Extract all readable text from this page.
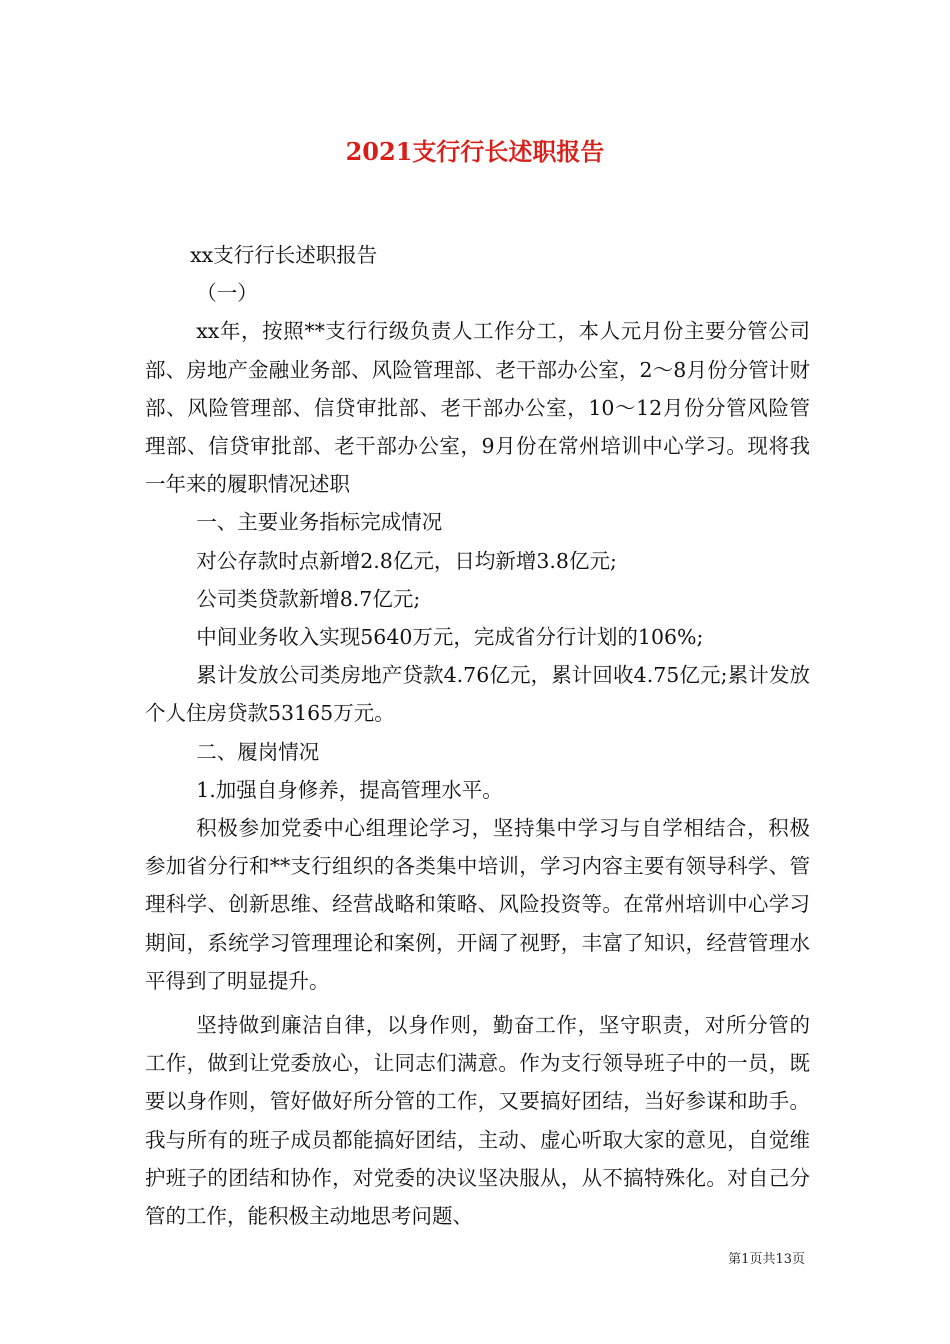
2021支行行长述职报告

xx支行行长述职报告

（一）

xx年，按照**支行行级负责人工作分工，本人元月份主要分管公司部、房地产金融业务部、风险管理部、老干部办公室，2～8月份分管计财部、风险管理部、信贷审批部、老干部办公室，10～12月份分管风险管理部、信贷审批部、老干部办公室，9月份在常州培训中心学习。现将我一年来的履职情况述职

一、主要业务指标完成情况

对公存款时点新增2.8亿元，日均新增3.8亿元;

公司类贷款新增8.7亿元;

中间业务收入实现5640万元，完成省分行计划的106%;

累计发放公司类房地产贷款4.76亿元，累计回收4.75亿元;累计发放个人住房贷款53165万元。

二、履岗情况

1.加强自身修养，提高管理水平。

积极参加党委中心组理论学习，坚持集中学习与自学相结合，积极参加省分行和**支行组织的各类集中培训，学习内容主要有领导科学、管理科学、创新思维、经营战略和策略、风险投资等。在常州培训中心学习期间，系统学习管理理论和案例，开阔了视野，丰富了知识，经营管理水平得到了明显提升。

坚持做到廉洁自律，以身作则，勤奋工作，坚守职责，对所分管的工作，做到让党委放心，让同志们满意。作为支行领导班子中的一员，既要以身作则，管好做好所分管的工作，又要搞好团结，当好参谋和助手。我与所有的班子成员都能搞好团结，主动、虚心听取大家的意见，自觉维护班子的团结和协作，对党委的决议坚决服从，从不搞特殊化。对自己分管的工作，能积极主动地思考问题、

第1页共13页
